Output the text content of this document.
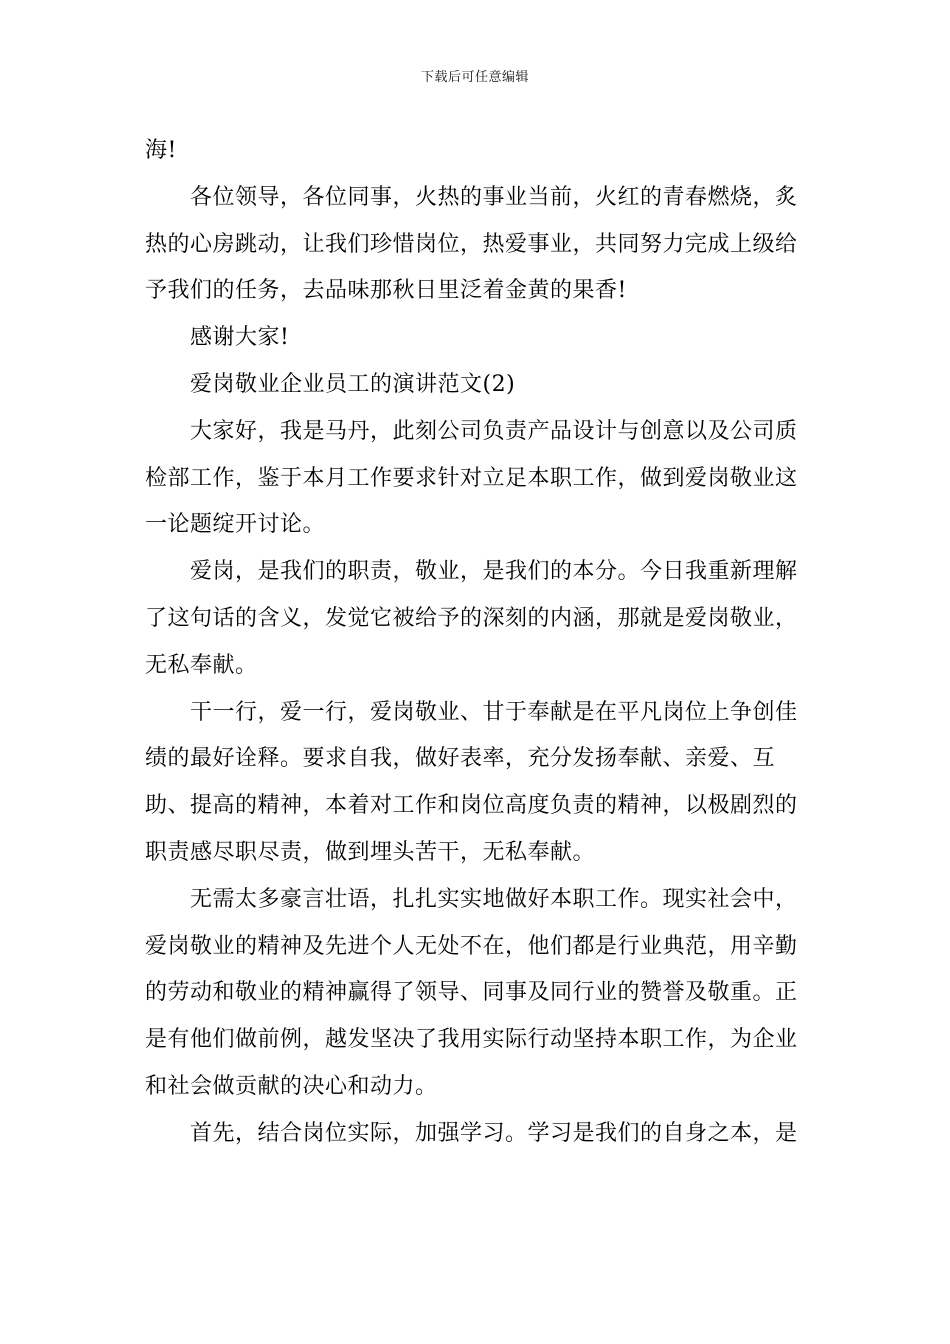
下载后可任意编辑

海!

各位领导，各位同事，火热的事业当前，火红的青春燃烧，炙热的心房跳动，让我们珍惜岗位，热爱事业，共同努力完成上级给予我们的任务，去品味那秋日里泛着金黄的果香!

感谢大家!

爱岗敬业企业员工的演讲范文(2)

大家好，我是马丹，此刻公司负责产品设计与创意以及公司质检部工作，鉴于本月工作要求针对立足本职工作，做到爱岗敬业这一论题绽开讨论。

爱岗，是我们的职责，敬业，是我们的本分。今日我重新理解了这句话的含义，发觉它被给予的深刻的内涵，那就是爱岗敬业，无私奉献。

干一行，爱一行，爱岗敬业、甘于奉献是在平凡岗位上争创佳绩的最好诠释。要求自我，做好表率，充分发扬奉献、亲爱、互助、提高的精神，本着对工作和岗位高度负责的精神，以极剧烈的职责感尽职尽责，做到埋头苦干，无私奉献。

无需太多豪言壮语，扎扎实实地做好本职工作。现实社会中，爱岗敬业的精神及先进个人无处不在，他们都是行业典范，用辛勤的劳动和敬业的精神赢得了领导、同事及同行业的赞誉及敬重。正是有他们做前例，越发坚决了我用实际行动坚持本职工作，为企业和社会做贡献的决心和动力。

首先，结合岗位实际，加强学习。学习是我们的自身之本，是
